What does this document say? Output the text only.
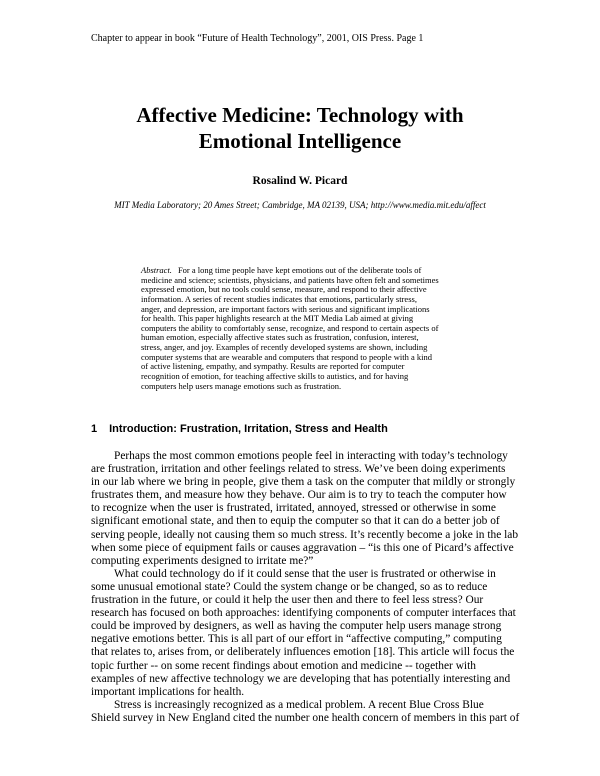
Chapter to appear in book “Future of Health Technology”, 2001, OIS Press. Page 1
Affective Medicine: Technology with
Emotional Intelligence
Rosalind W. Picard
MIT Media Laboratory; 20 Ames Street; Cambridge, MA 02139, USA; http://www.media.mit.edu/affect
Abstract. For a long time people have kept emotions out of the deliberate tools of
medicine and science; scientists, physicians, and patients have often felt and sometimes
expressed emotion, but no tools could sense, measure, and respond to their affective
information. A series of recent studies indicates that emotions, particularly stress,
anger, and depression, are important factors with serious and significant implications
for health. This paper highlights research at the MIT Media Lab aimed at giving
computers the ability to comfortably sense, recognize, and respond to certain aspects of
human emotion, especially affective states such as frustration, confusion, interest,
stress, anger, and joy. Examples of recently developed systems are shown, including
computer systems that are wearable and computers that respond to people with a kind
of active listening, empathy, and sympathy. Results are reported for computer
recognition of emotion, for teaching affective skills to autistics, and for having
computers help users manage emotions such as frustration.
1 Introduction: Frustration, Irritation, Stress and Health
Perhaps the most common emotions people feel in interacting with today’s technology
are frustration, irritation and other feelings related to stress. We’ve been doing experiments
in our lab where we bring in people, give them a task on the computer that mildly or strongly
frustrates them, and measure how they behave. Our aim is to try to teach the computer how
to recognize when the user is frustrated, irritated, annoyed, stressed or otherwise in some
significant emotional state, and then to equip the computer so that it can do a better job of
serving people, ideally not causing them so much stress. It’s recently become a joke in the lab
when some piece of equipment fails or causes aggravation – “is this one of Picard’s affective
computing experiments designed to irritate me?”
What could technology do if it could sense that the user is frustrated or otherwise in
some unusual emotional state? Could the system change or be changed, so as to reduce
frustration in the future, or could it help the user then and there to feel less stress? Our
research has focused on both approaches: identifying components of computer interfaces that
could be improved by designers, as well as having the computer help users manage strong
negative emotions better. This is all part of our effort in “affective computing,” computing
that relates to, arises from, or deliberately influences emotion [18]. This article will focus the
topic further -- on some recent findings about emotion and medicine -- together with
examples of new affective technology we are developing that has potentially interesting and
important implications for health.
Stress is increasingly recognized as a medical problem. A recent Blue Cross Blue
Shield survey in New England cited the number one health concern of members in this part of
